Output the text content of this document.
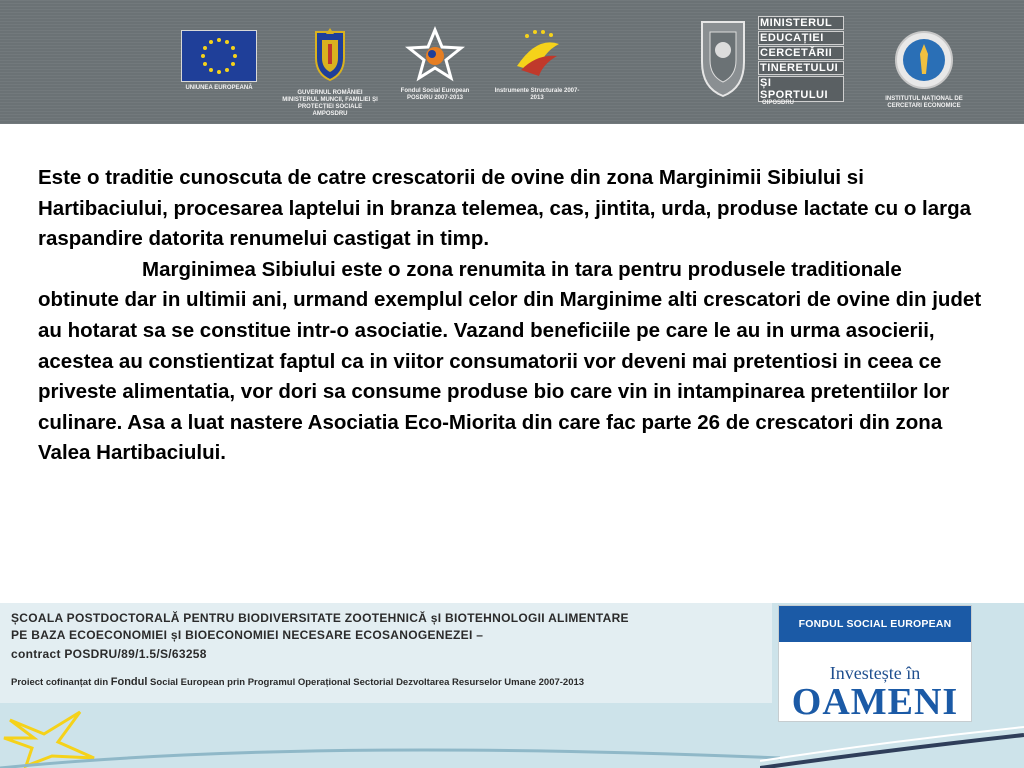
UNIUNEA EUROPEANĂ
GUVERNUL ROMÂNIEI MINISTERUL MUNCII, FAMILIEI ȘI PROTECȚIEI SOCIALE AMPOSDRU
Fondul Social European POSDRU 2007-2013
Instrumente Structurale 2007-2013
MINISTERUL
EDUCAȚIEI
CERCETĂRII
TINERETULUI
ȘI SPORTULUI
OIPOSDRU
INSTITUTUL NAȚIONAL DE CERCETARI ECONOMICE

Este o traditie cunoscuta de catre crescatorii de ovine din zona Marginimii Sibiului si Hartibaciului, procesarea laptelui in branza telemea, cas, jintita, urda, produse lactate cu o larga raspandire datorita renumelui castigat in timp.

Marginimea Sibiului este o zona renumita in tara pentru produsele traditionale obtinute dar in ultimii ani, urmand exemplul celor din Marginime alti crescatori de ovine din judet au hotarat sa se constitue intr-o asociatie. Vazand beneficiile pe care le au in urma asocierii, acestea au constientizat faptul ca in viitor consumatorii vor deveni mai pretentiosi in ceea ce priveste alimentatia, vor dori sa consume produse bio care vin in intampinarea pretentiilor lor culinare. Asa a luat nastere Asociatia Eco-Miorita din care fac parte 26 de crescatori din zona Valea Hartibaciului.

ȘCOALA POSTDOCTORALĂ PENTRU BIODIVERSITATE ZOOTEHNICĂ șI BIOTEHNOLOGII ALIMENTARE
PE BAZA ECOECONOMIEI șI BIOECONOMIEI NECESARE ECOSANOGENEZEI –
contract POSDRU/89/1.5/S/63258
Proiect cofinanțat din Fondul Social European prin Programul Operațional Sectorial Dezvoltarea Resurselor Umane 2007-2013
FONDUL SOCIAL EUROPEAN
Investește în
OAMENI
